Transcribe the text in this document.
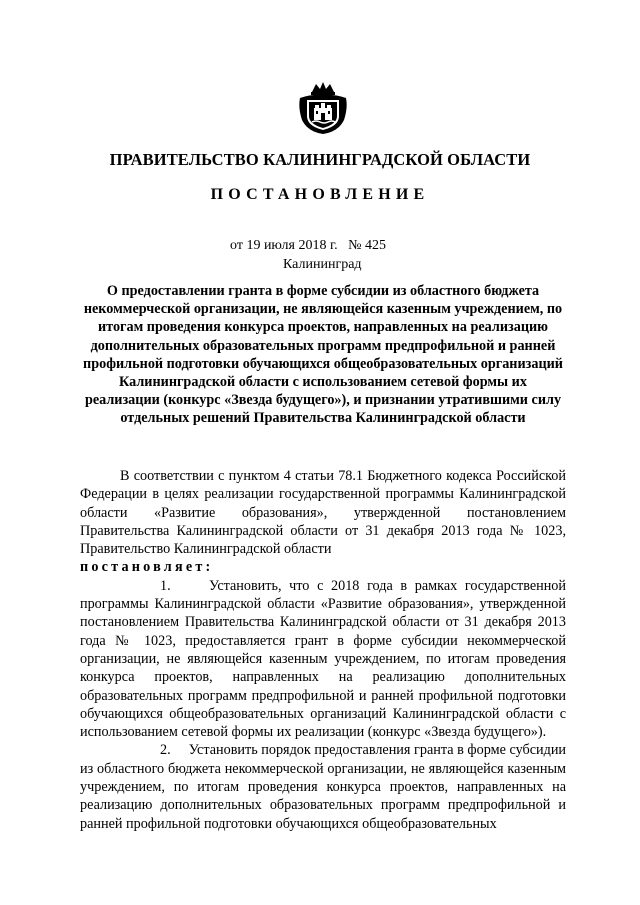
ПРАВИТЕЛЬСТВО КАЛИНИНГРАДСКОЙ ОБЛАСТИ
ПОСТАНОВЛЕНИЕ
от 19 июля 2018 г. № 425
Калининград
О предоставлении гранта в форме субсидии из областного бюджета некоммерческой организации, не являющейся казенным учреждением, по итогам проведения конкурса проектов, направленных на реализацию дополнительных образовательных программ предпрофильной и ранней профильной подготовки обучающихся общеобразовательных организаций Калининградской области с использованием сетевой формы их реализации (конкурс «Звезда будущего»), и признании утратившими силу отдельных решений Правительства Калининградской области

В соответствии с пунктом 4 статьи 78.1 Бюджетного кодекса Российской Федерации в целях реализации государственной программы Калининградской области «Развитие образования», утвержденной постановлением Правительства Калининградской области от 31 декабря 2013 года № 1023, Правительство Калининградской области

постановляет:

1.	Установить, что с 2018 года в рамках государственной программы Калининградской области «Развитие образования», утвержденной постановлением Правительства Калининградской области от 31 декабря 2013 года № 1023, предоставляется грант в форме субсидии некоммерческой организации, не являющейся казенным учреждением, по итогам проведения конкурса проектов, направленных на реализацию дополнительных образовательных программ предпрофильной и ранней профильной подготовки обучающихся общеобразовательных организаций Калининградской области с использованием сетевой формы их реализации (конкурс «Звезда будущего»).

2. Установить порядок предоставления гранта в форме субсидии из областного бюджета некоммерческой организации, не являющейся казенным учреждением, по итогам проведения конкурса проектов, направленных на реализацию дополнительных образовательных программ предпрофильной и ранней профильной подготовки обучающихся общеобразовательных
